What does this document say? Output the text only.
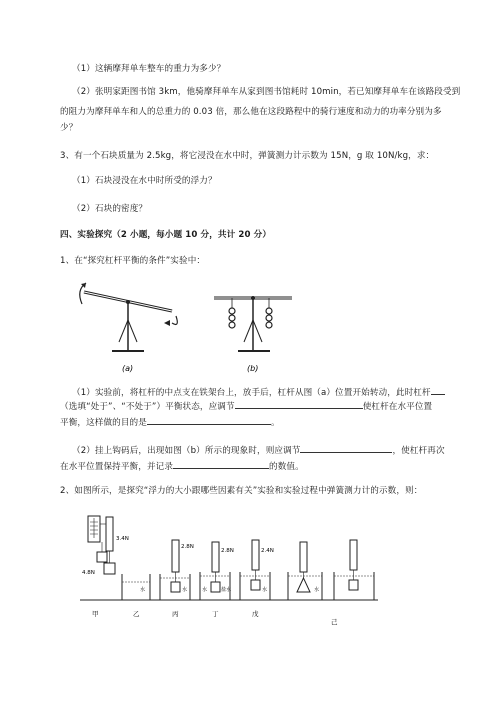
（1）这辆摩拜单车整车的重力为多少？
（2）张明家距图书馆 3km，他骑摩拜单车从家到图书馆耗时 10min，若已知摩拜单车在该路段受到
的阻力为摩拜单车和人的总重力的 0.03 倍，那么他在这段路程中的骑行速度和动力的功率分别为多
少？
3、有一个石块质量为 2.5kg，将它浸没在水中时，弹簧测力计示数为 15N，g 取 10N/kg，求：
（1）石块浸没在水中时所受的浮力？
（2）石块的密度？
四、实验探究（2 小题，每小题 10 分，共计 20 分）
1、在“探究杠杆平衡的条件”实验中：
(a)	(b)
（1）实验前，将杠杆的中点支在铁架台上，放手后，杠杆从图（a）位置开始转动，此时杠杆
（选填“处于”、“不处于”）平衡状态，应调节	使杠杆在水平位置
平衡，这样做的目的是	。
（2）挂上钩码后，出现如图（b）所示的现象时，则应调节	，使杠杆再次
在水平位置保持平衡，并记录	的数值。
2、如图所示，是探究“浮力的大小跟哪些因素有关”实验和实验过程中弹簧测力计的示数，则：
4.8N
3.4N
2.8N
2.8N	2.4N
水	水	水	盐水	水	水
甲	乙	丙	丁	戊
己
